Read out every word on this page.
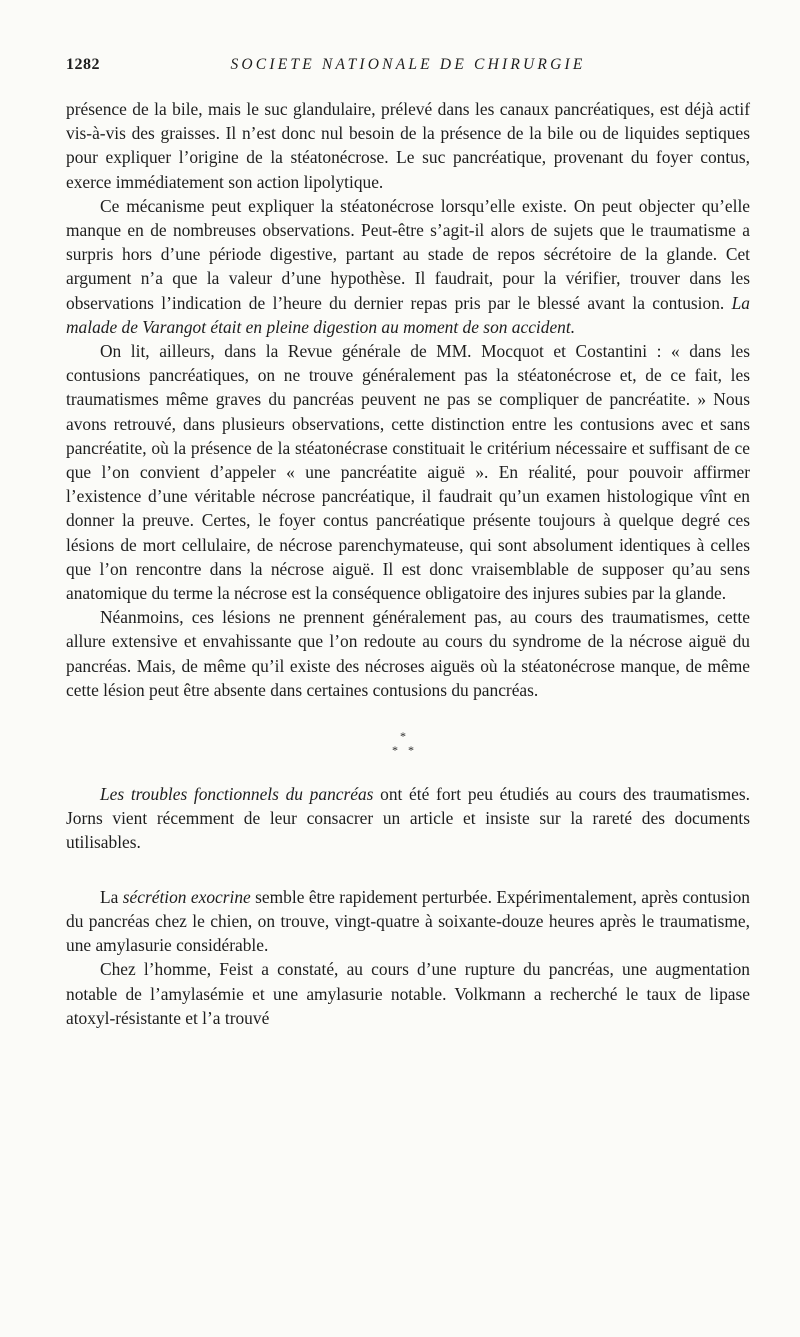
1282	SOCIETE NATIONALE DE CHIRURGIE

présence de la bile, mais le suc glandulaire, prélevé dans les canaux pancréatiques, est déjà actif vis-à-vis des graisses. Il n’est donc nul besoin de la présence de la bile ou de liquides septiques pour expliquer l’origine de la stéatonécrose. Le suc pancréatique, provenant du foyer contus, exerce immédiatement son action lipolytique.

Ce mécanisme peut expliquer la stéatonécrose lorsqu’elle existe. On peut objecter qu’elle manque en de nombreuses observations. Peut-être s’agit-il alors de sujets que le traumatisme a surpris hors d’une période digestive, partant au stade de repos sécrétoire de la glande. Cet argument n’a que la valeur d’une hypothèse. Il faudrait, pour la vérifier, trouver dans les observations l’indication de l’heure du dernier repas pris par le blessé avant la contusion. La malade de Varangot était en pleine digestion au moment de son accident.

On lit, ailleurs, dans la Revue générale de MM. Mocquot et Costantini : « dans les contusions pancréatiques, on ne trouve généralement pas la stéatonécrose et, de ce fait, les traumatismes même graves du pancréas peuvent ne pas se compliquer de pancréatite. » Nous avons retrouvé, dans plusieurs observations, cette distinction entre les contusions avec et sans pancréatite, où la présence de la stéatonécrase constituait le critérium nécessaire et suffisant de ce que l’on convient d’appeler « une pancréatite aiguë ». En réalité, pour pouvoir affirmer l’existence d’une véritable nécrose pancréatique, il faudrait qu’un examen histologique vînt en donner la preuve. Certes, le foyer contus pancréatique présente toujours à quelque degré ces lésions de mort cellulaire, de nécrose parenchymateuse, qui sont absolument identiques à celles que l’on rencontre dans la nécrose aiguë. Il est donc vraisemblable de supposer qu’au sens anatomique du terme la nécrose est la conséquence obligatoire des injures subies par la glande.

Néanmoins, ces lésions ne prennent généralement pas, au cours des traumatismes, cette allure extensive et envahissante que l’on redoute au cours du syndrome de la nécrose aiguë du pancréas. Mais, de même qu’il existe des nécroses aiguës où la stéatonécrose manque, de même cette lésion peut être absente dans certaines contusions du pancréas.

*
* *

Les troubles fonctionnels du pancréas ont été fort peu étudiés au cours des traumatismes. Jorns vient récemment de leur consacrer un article et insiste sur la rareté des documents utilisables.

La sécrétion exocrine semble être rapidement perturbée. Expérimentalement, après contusion du pancréas chez le chien, on trouve, vingt-quatre à soixante-douze heures après le traumatisme, une amylasurie considérable.

Chez l’homme, Feist a constaté, au cours d’une rupture du pancréas, une augmentation notable de l’amylasémie et une amylasurie notable. Volkmann a recherché le taux de lipase atoxyl-résistante et l’a trouvé
